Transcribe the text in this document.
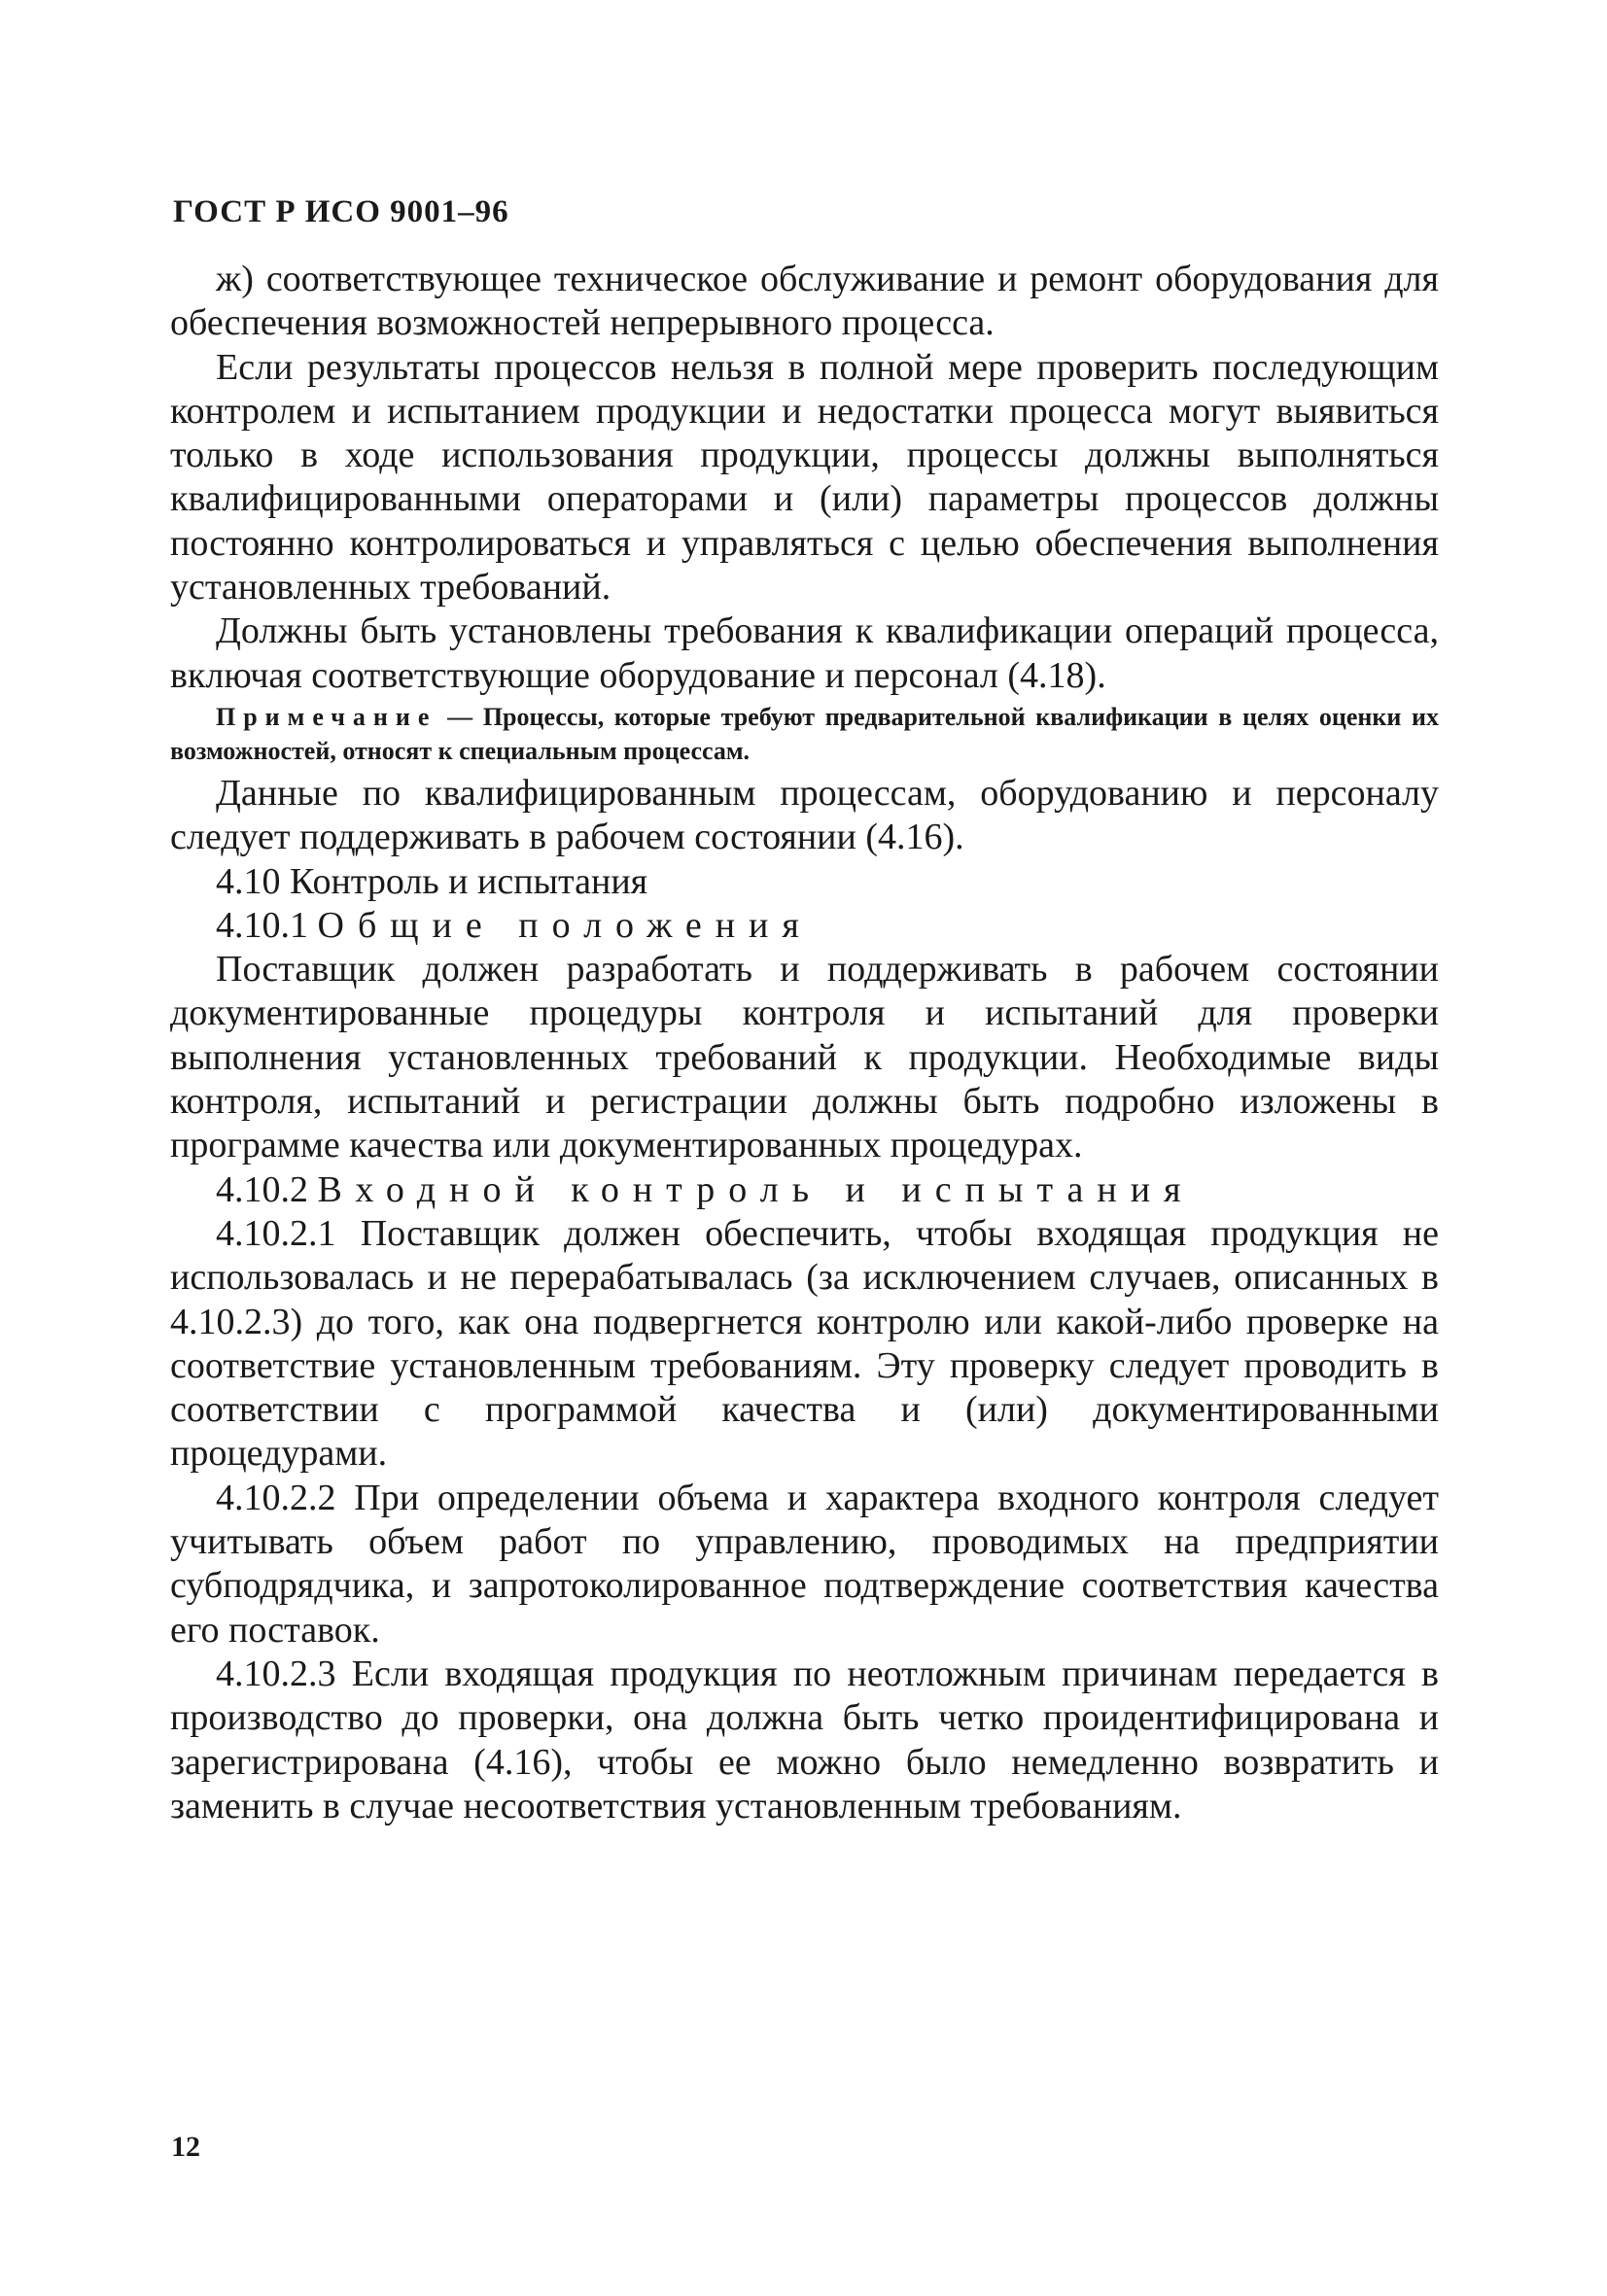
ГОСТ Р ИСО 9001–96

ж) соответствующее техническое обслуживание и ремонт оборудования для обеспечения возможностей непрерывного процесса.

Если результаты процессов нельзя в полной мере проверить последующим контролем и испытанием продукции и недостатки процесса могут выявиться только в ходе использования продукции, процессы должны выполняться квалифицированными операторами и (или) параметры процессов должны постоянно контролироваться и управляться с целью обеспечения выполнения установленных требований.

Должны быть установлены требования к квалификации операций процесса, включая соответствующие оборудование и персонал (4.18).

Примечание — Процессы, которые требуют предварительной квалификации в целях оценки их возможностей, относят к специальным процессам.

Данные по квалифицированным процессам, оборудованию и персоналу следует поддерживать в рабочем состоянии (4.16).

4.10 Контроль и испытания

4.10.1 Общие положения

Поставщик должен разработать и поддерживать в рабочем состоянии документированные процедуры контроля и испытаний для проверки выполнения установленных требований к продукции. Необходимые виды контроля, испытаний и регистрации должны быть подробно изложены в программе качества или документированных процедурах.

4.10.2 Входной контроль и испытания

4.10.2.1 Поставщик должен обеспечить, чтобы входящая продукция не использовалась и не перерабатывалась (за исключением случаев, описанных в 4.10.2.3) до того, как она подвергнется контролю или какой-либо проверке на соответствие установленным требованиям. Эту проверку следует проводить в соответствии с программой качества и (или) документированными процедурами.

4.10.2.2 При определении объема и характера входного контроля следует учитывать объем работ по управлению, проводимых на предприятии субподрядчика, и запротоколированное подтверждение соответствия качества его поставок.

4.10.2.3 Если входящая продукция по неотложным причинам передается в производство до проверки, она должна быть четко проидентифицирована и зарегистрирована (4.16), чтобы ее можно было немедленно возвратить и заменить в случае несоответствия установленным требованиям.

12
